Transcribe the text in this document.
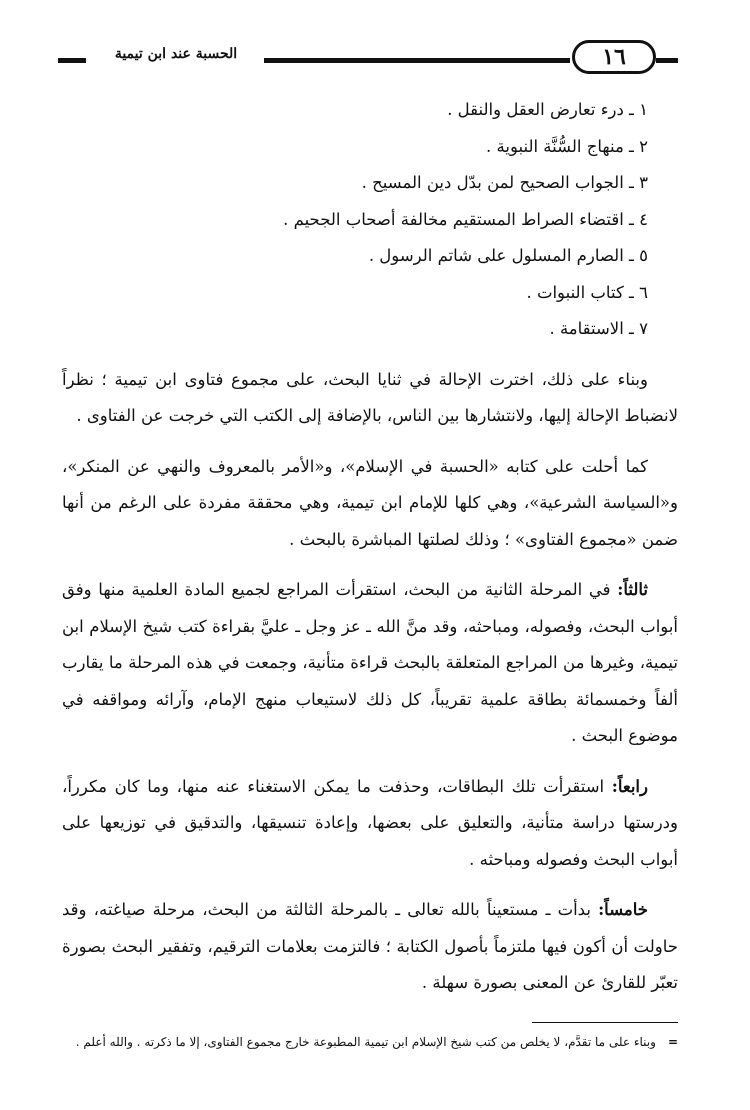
١٦
الحسبة عند ابن تيمية
١ ـ درء تعارض العقل والنقل .
٢ ـ منهاج السُّنَّة النبوية .
٣ ـ الجواب الصحيح لمن بدّل دين المسيح .
٤ ـ اقتضاء الصراط المستقيم مخالفة أصحاب الجحيم .
٥ ـ الصارم المسلول على شاتم الرسول .
٦ ـ كتاب النبوات .
٧ ـ الاستقامة .

وبناء على ذلك، اخترت الإحالة في ثنايا البحث، على مجموع فتاوى ابن تيمية ؛ نظراً لانضباط الإحالة إليها، ولانتشارها بين الناس، بالإضافة إلى الكتب التي خرجت عن الفتاوى .

كما أحلت على كتابه «الحسبة في الإسلام»، و«الأمر بالمعروف والنهي عن المنكر»، و«السياسة الشرعية»، وهي كلها للإمام ابن تيمية، وهي محققة مفردة على الرغم من أنها ضمن «مجموع الفتاوى» ؛ وذلك لصلتها المباشرة بالبحث .

ثالثاً: في المرحلة الثانية من البحث، استقرأت المراجع لجميع المادة العلمية منها وفق أبواب البحث، وفصوله، ومباحثه، وقد منَّ الله ـ عز وجل ـ عليَّ بقراءة كتب شيخ الإسلام ابن تيمية، وغيرها من المراجع المتعلقة بالبحث قراءة متأنية، وجمعت في هذه المرحلة ما يقارب ألفاً وخمسمائة بطاقة علمية تقريباً، كل ذلك لاستيعاب منهج الإمام، وآرائه ومواقفه في موضوع البحث .

رابعاً: استقرأت تلك البطاقات، وحذفت ما يمكن الاستغناء عنه منها، وما كان مكرراً، ودرستها دراسة متأنية، والتعليق على بعضها، وإعادة تنسيقها، والتدقيق في توزيعها على أبواب البحث وفصوله ومباحثه .

خامساً: بدأت ـ مستعيناً بالله تعالى ـ بالمرحلة الثالثة من البحث، مرحلة صياغته، وقد حاولت أن أكون فيها ملتزماً بأصول الكتابة ؛ فالتزمت بعلامات الترقيم، وتفقير البحث بصورة تعبّر للقارئ عن المعنى بصورة سهلة .

=وبناء على ما تقدَّم، لا يخلص من كتب شيخ الإسلام ابن تيمية المطبوعة خارج مجموع الفتاوى، إلا ما ذكرته . والله أعلم .
